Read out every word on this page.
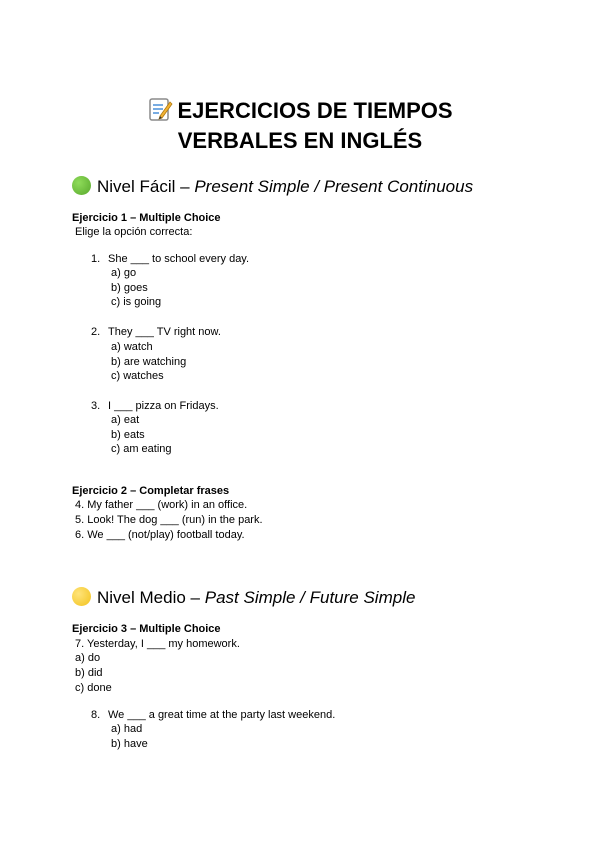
EJERCICIOS DE TIEMPOS
VERBALES EN INGLÉS
Nivel Fácil – Present Simple / Present Continuous
Ejercicio 1 – Multiple Choice
Elige la opción correcta:
1. She ___ to school every day.
a) go
b) goes
c) is going
2. They ___ TV right now.
a) watch
b) are watching
c) watches
3. I ___ pizza on Fridays.
a) eat
b) eats
c) am eating
Ejercicio 2 – Completar frases
4. My father ___ (work) in an office.
5. Look! The dog ___ (run) in the park.
6. We ___ (not/play) football today.
Nivel Medio – Past Simple / Future Simple
Ejercicio 3 – Multiple Choice
7. Yesterday, I ___ my homework.
a) do
b) did
c) done
8. We ___ a great time at the party last weekend.
a) had
b) have
